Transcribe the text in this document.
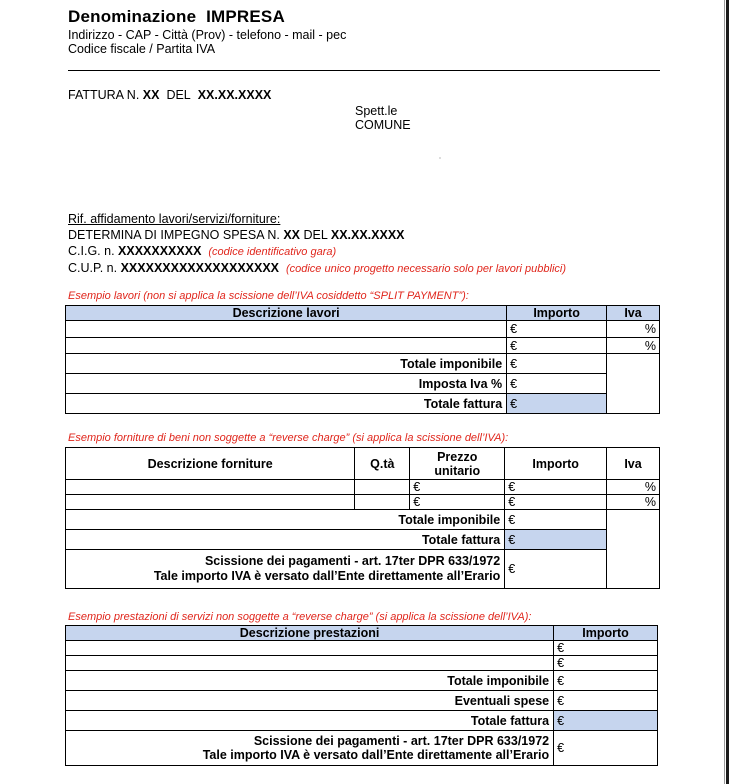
Denominazione IMPRESA
Indirizzo - CAP - Città (Prov) - telefono - mail - pec
Codice fiscale / Partita IVA
FATTURA N. XX DEL XX.XX.XXXX
Spett.le
COMUNE
Rif. affidamento lavori/servizi/forniture:
DETERMINA DI IMPEGNO SPESA N. XX DEL XX.XX.XXXX
C.I.G. n. XXXXXXXXXX (codice identificativo gara)
C.U.P. n. XXXXXXXXXXXXXXXXXXX (codice unico progetto necessario solo per lavori pubblici)
Esempio lavori (non si applica la scissione dell’IVA cosiddetto “SPLIT PAYMENT”):
Descrizione lavori	Importo	Iva
	€	%
	€	%
Totale imponibile	€	
Imposta Iva %	€	
Totale fattura	€	
Esempio forniture di beni non soggette a “reverse charge” (si applica la scissione dell’IVA):
Descrizione forniture	Q.tà	Prezzo unitario	Importo	Iva
		€	€	%
		€	€	%
Totale imponibile			€	
Totale fattura			€	

Scissione dei pagamenti - art. 17ter DPR 633/1972
Tale importo IVA è versato dall’Ente direttamente all’Erario			€	
Esempio prestazioni di servizi non soggette a “reverse charge” (si applica la scissione dell’IVA):
Descrizione prestazioni	Importo
	€
	€
Totale imponibile	€
Eventuali spese	€
Totale fattura	€

Scissione dei pagamenti - art. 17ter DPR 633/1972
Tale importo IVA è versato dall’Ente direttamente all’Erario	€
